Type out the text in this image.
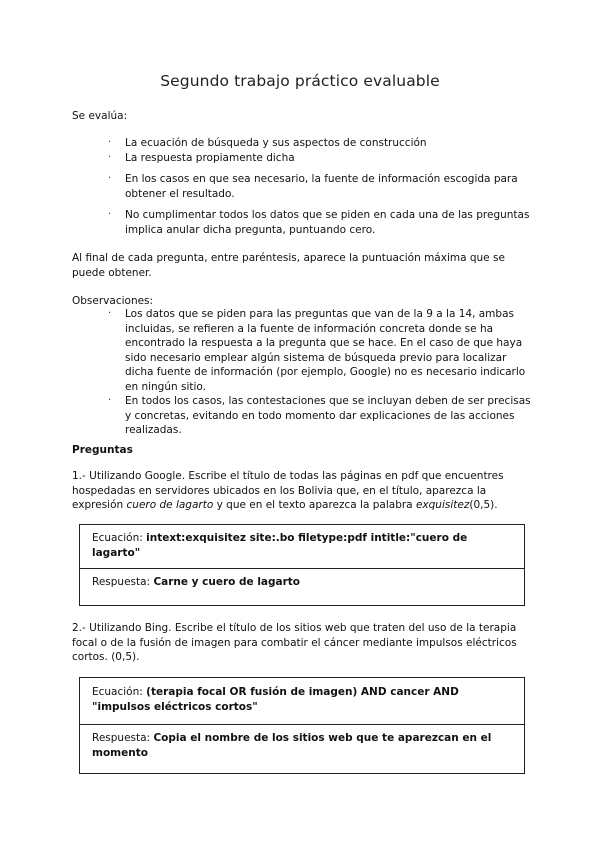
Segundo trabajo práctico evaluable
Se evalúa:
· La ecuación de búsqueda y sus aspectos de construcción
· La respuesta propiamente dicha
· En los casos en que sea necesario, la fuente de información escogida para obtener el resultado.
· No cumplimentar todos los datos que se piden en cada una de las preguntas implica anular dicha pregunta, puntuando cero.
Al final de cada pregunta, entre paréntesis, aparece la puntuación máxima que se puede obtener.
Observaciones:
· Los datos que se piden para las preguntas que van de la 9 a la 14, ambas incluidas, se refieren a la fuente de información concreta donde se ha encontrado la respuesta a la pregunta que se hace. En el caso de que haya sido necesario emplear algún sistema de búsqueda previo para localizar dicha fuente de información (por ejemplo, Google) no es necesario indicarlo en ningún sitio.
· En todos los casos, las contestaciones que se incluyan deben de ser precisas y concretas, evitando en todo momento dar explicaciones de las acciones realizadas.
Preguntas
1.- Utilizando Google. Escribe el título de todas las páginas en pdf que encuentres hospedadas en servidores ubicados en los Bolivia que, en el título, aparezca la expresión cuero de lagarto y que en el texto aparezca la palabra exquisitez(0,5).
Ecuación: intext:exquisitez site:.bo filetype:pdf intitle:"cuero de lagarto"
Respuesta: Carne y cuero de lagarto
2.- Utilizando Bing. Escribe el título de los sitios web que traten del uso de la terapia focal o de la fusión de imagen para combatir el cáncer mediante impulsos eléctricos cortos. (0,5).
Ecuación: (terapia focal OR fusión de imagen) AND cancer AND "impulsos eléctricos cortos"
Respuesta: Copia el nombre de los sitios web que te aparezcan en el momento
